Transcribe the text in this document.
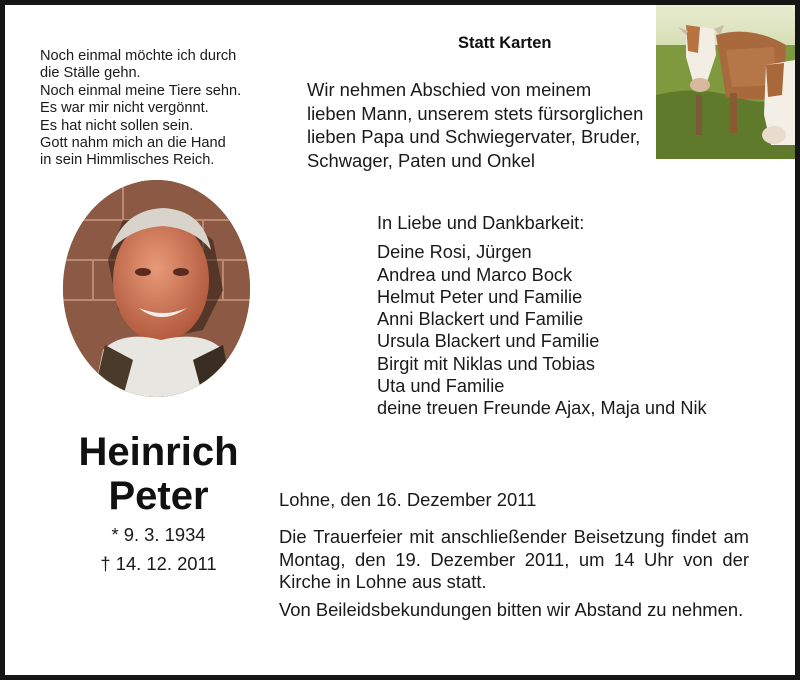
Noch einmal möchte ich durch
die Ställe gehn.
Noch einmal meine Tiere sehn.
Es war mir nicht vergönnt.
Es hat nicht sollen sein.
Gott nahm mich an die Hand
in sein Himmlisches Reich.
Statt Karten
Wir nehmen Abschied von meinem
lieben Mann, unserem stets fürsorglichen
lieben Papa und Schwiegervater, Bruder,
Schwager, Paten und Onkel
In Liebe und Dankbarkeit:
Deine Rosi, Jürgen
Andrea und Marco Bock
Helmut Peter und Familie
Anni Blackert und Familie
Ursula Blackert und Familie
Birgit mit Niklas und Tobias
Uta und Familie
deine treuen Freunde Ajax, Maja und Nik
Heinrich
Peter
* 9. 3. 1934
† 14. 12. 2011
Lohne, den 16. Dezember 2011
Die Trauerfeier mit anschließender Beisetzung findet am Montag, den 19. Dezember 2011, um 14 Uhr von der Kirche in Lohne aus statt.
Von Beileidsbekundungen bitten wir Abstand zu nehmen.
